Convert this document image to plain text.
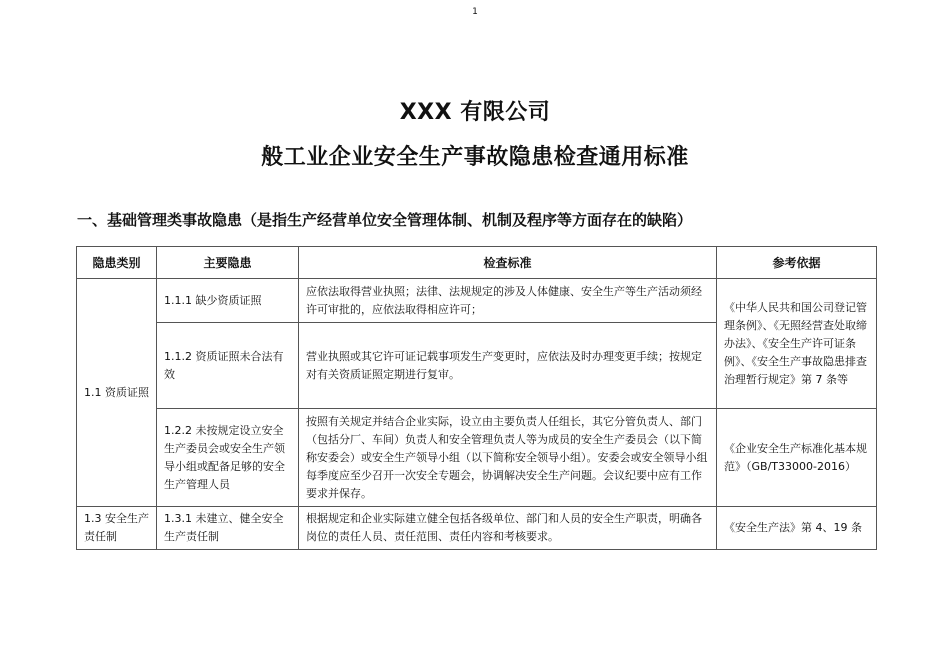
1
XXX 有限公司
般工业企业安全生产事故隐患检查通用标准
一、基础管理类事故隐患（是指生产经营单位安全管理体制、机制及程序等方面存在的缺陷）
隐患类别	主要隐患	检查标准	参考依据
1.1 资质证照	1.1.1 缺少资质证照	应依法取得营业执照；法律、法规规定的涉及人体健康、安全生产等生产活动须经许可审批的，应依法取得相应许可；	《中华人民共和国公司登记管理条例》、《无照经营查处取缔办法》、《安全生产许可证条例》、《安全生产事故隐患排查治理暂行规定》第 7 条等
	1.1.2 资质证照未合法有效	营业执照或其它许可证记载事项发生产变更时，应依法及时办理变更手续；按规定对有关资质证照定期进行复审。	
	1.2.2 未按规定设立安全生产委员会或安全生产领导小组或配备足够的安全生产管理人员	按照有关规定并结合企业实际，设立由主要负责人任组长，其它分管负责人、部门（包括分厂、车间）负责人和安全管理负责人等为成员的安全生产委员会（以下简称安委会）或安全生产领导小组（以下简称安全领导小组）。安委会或安全领导小组每季度应至少召开一次安全专题会，协调解决安全生产问题。会议纪要中应有工作要求并保存。	《企业安全生产标准化基本规范》（GB/T33000-2016）
1.3 安全生产责任制	1.3.1 未建立、健全安全生产责任制	根据规定和企业实际建立健全包括各级单位、部门和人员的安全生产职责，明确各岗位的责任人员、责任范围、责任内容和考核要求。	《安全生产法》第 4、19 条
